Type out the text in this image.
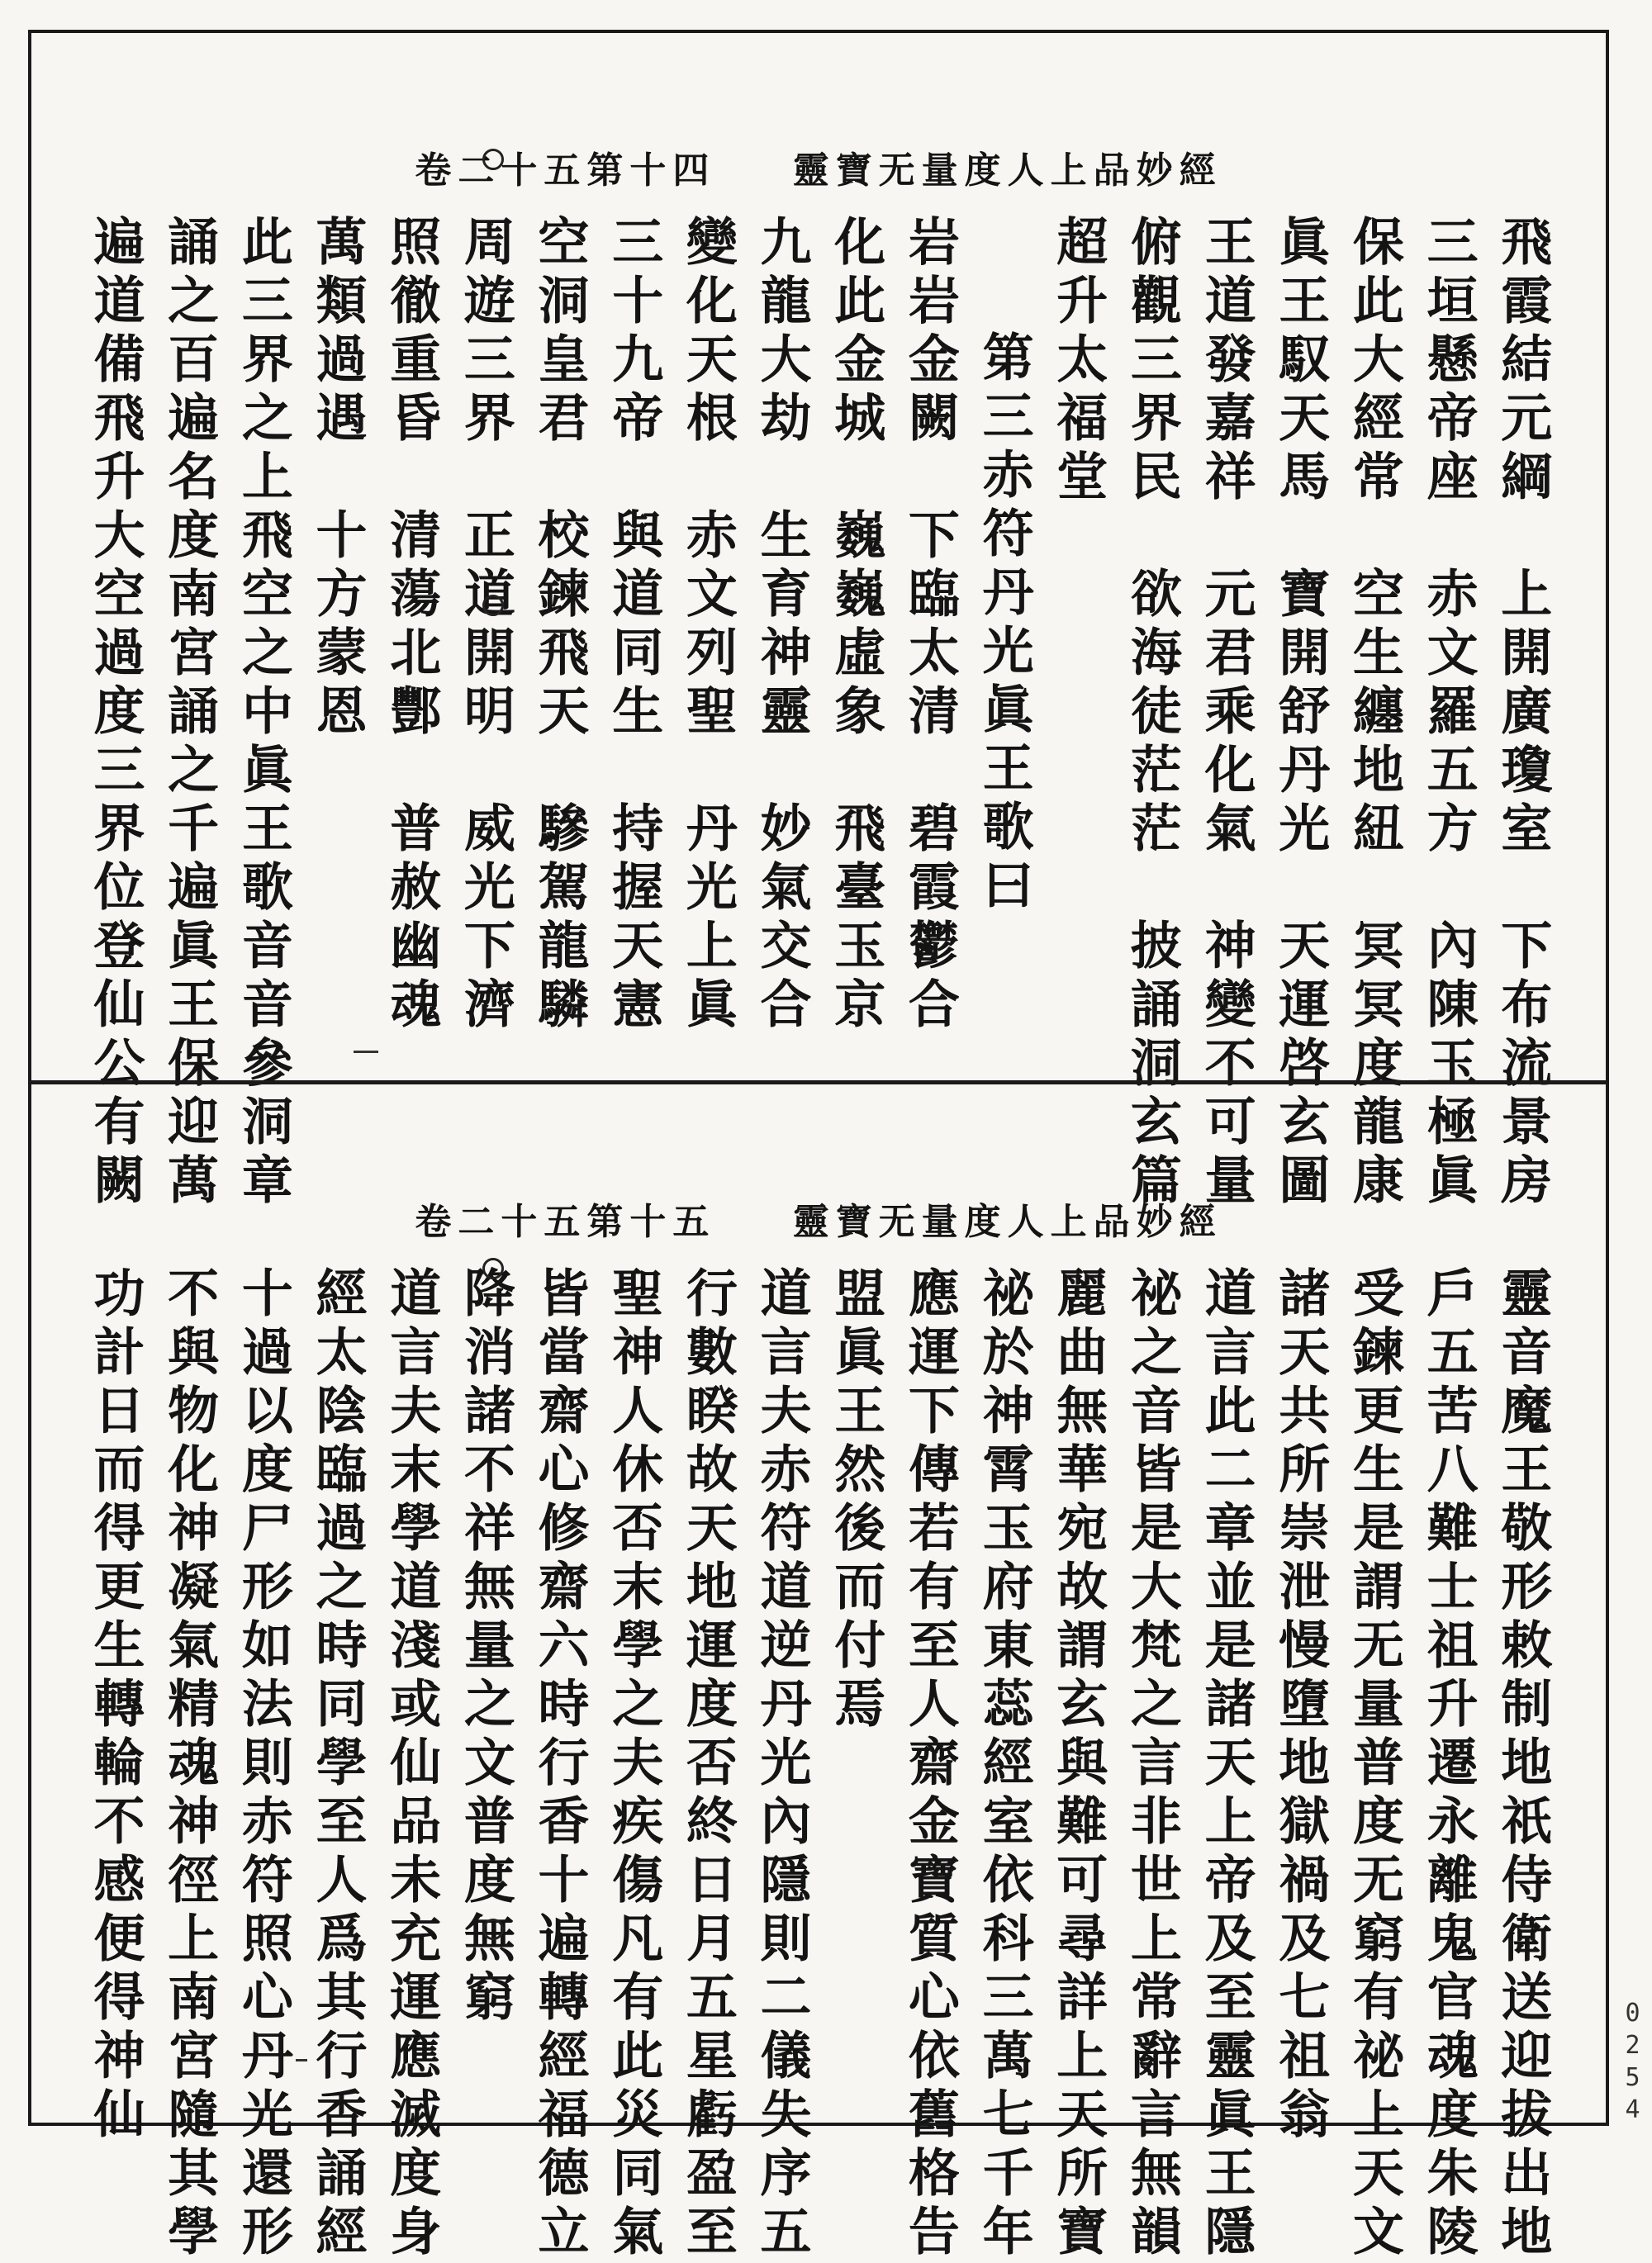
靈寶无量度人上品妙經 卷二十五第十四
飛霞結元綱　上開廣瓊室　下布流景房
三垣懸帝座　赤文羅五方　內陳玉極眞
保此大經常　空生纏地紐　冥冥度龍康
眞王馭天馬　寶開舒丹光　天運啓玄圖
王道發嘉祥　元君乘化氣　神變不可量
俯觀三界民　欲海徒茫茫　披誦洞玄篇
超升太福堂
第三赤符丹光眞王歌曰
岩岩金闕　下臨太清　碧霞鬱合
化此金城　巍巍虛象　飛臺玉京
九龍大劫　生育神靈　妙氣交合
變化天根　赤文列聖　丹光上眞
三十九帝　與道同生　持握天憲
空洞皇君　校鍊飛天　驂駕龍驎
周遊三界　正道開明　威光下濟
照徹重昏　清蕩北酆　普赦幽魂
萬類過遇　十方蒙恩
此三界之上飛空之中眞王歌音音參洞章
誦之百遍名度南宮誦之千遍眞王保迎萬
遍道備飛升大空過度三界位登仙公有闕
靈寶无量度人上品妙經 卷二十五第十五
靈音魔王敬形敕制地祇侍衛送迎拔出地
戶五苦八難士祖升遷永離鬼官魂度朱陵
受鍊更生是謂无量普度无窮有祕上天文
諸天共所崇泄慢墮地獄禍及七祖翁
道言此二章並是諸天上帝及至靈眞王隱
祕之音皆是大梵之言非世上常辭言無韻
麗曲無華宛故謂玄與難可尋詳上天所寶
祕於神霄玉府東蕊經室依科三萬七千年
應運下傳若有至人齋金寶質心依舊格告
盟眞王然後而付焉
道言夫赤符道逆丹光內隱則二儀失序五
行數睽故天地運度否終日月五星虧盈至
聖神人休否末學之夫疾傷凡有此災同氣
皆當齋心修齋六時行香十遍轉經福德立
降消諸不祥無量之文普度無窮
道言夫末學道淺或仙品未充運應滅度身
經太陰臨過之時同學至人爲其行香誦經
十過以度尸形如法則赤符照心丹光還形
不與物化神凝氣精魂神徑上南宮隨其學
功計日而得更生轉輪不感便得神仙	0254
